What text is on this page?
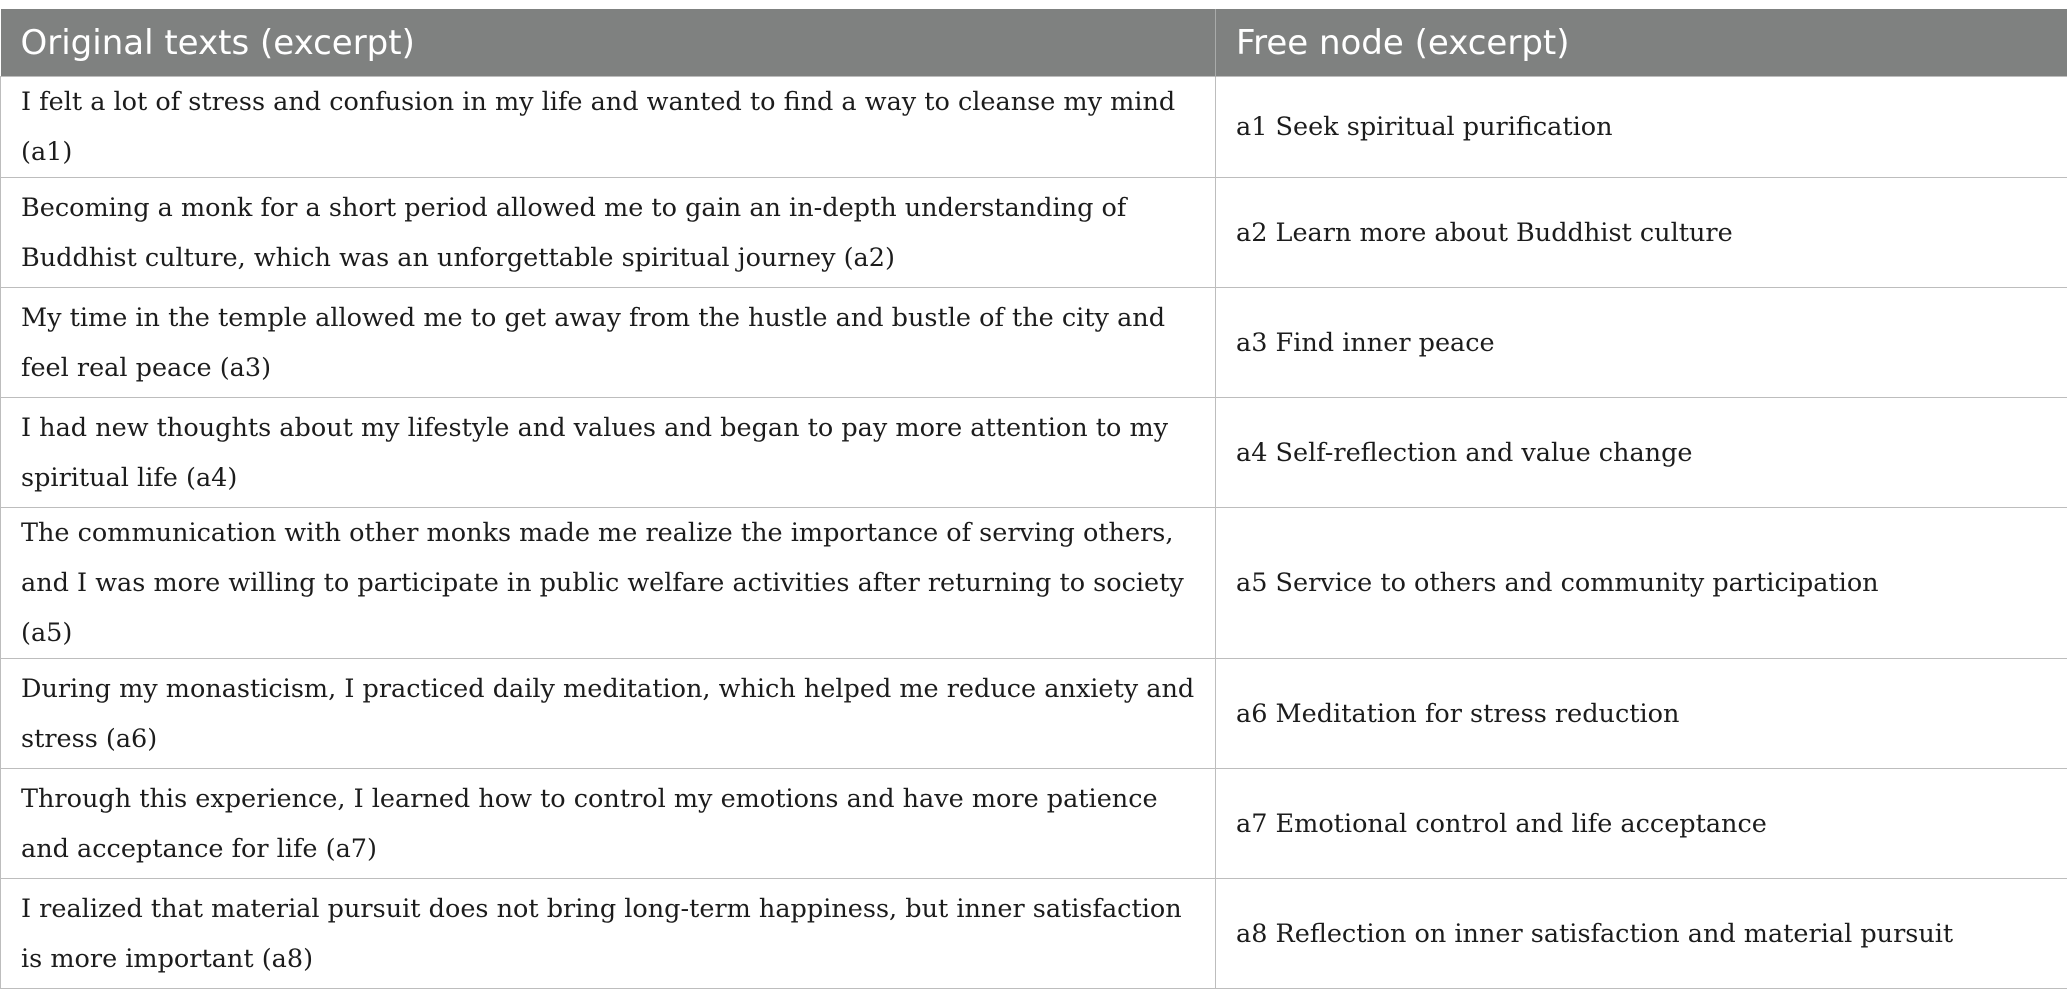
Original texts (excerpt)	Free node (excerpt)
I felt a lot of stress and confusion in my life and wanted to find a way to cleanse my mind (a1)	a1 Seek spiritual purification
Becoming a monk for a short period allowed me to gain an in-depth understanding of Buddhist culture, which was an unforgettable spiritual journey (a2)	a2 Learn more about Buddhist culture
My time in the temple allowed me to get away from the hustle and bustle of the city and feel real peace (a3)	a3 Find inner peace
I had new thoughts about my lifestyle and values and began to pay more attention to my spiritual life (a4)	a4 Self-reflection and value change
The communication with other monks made me realize the importance of serving others, and I was more willing to participate in public welfare activities after returning to society (a5)	a5 Service to others and community participation
During my monasticism, I practiced daily meditation, which helped me reduce anxiety and stress (a6)	a6 Meditation for stress reduction
Through this experience, I learned how to control my emotions and have more patience and acceptance for life (a7)	a7 Emotional control and life acceptance
I realized that material pursuit does not bring long-term happiness, but inner satisfaction is more important (a8)	a8 Reflection on inner satisfaction and material pursuit
